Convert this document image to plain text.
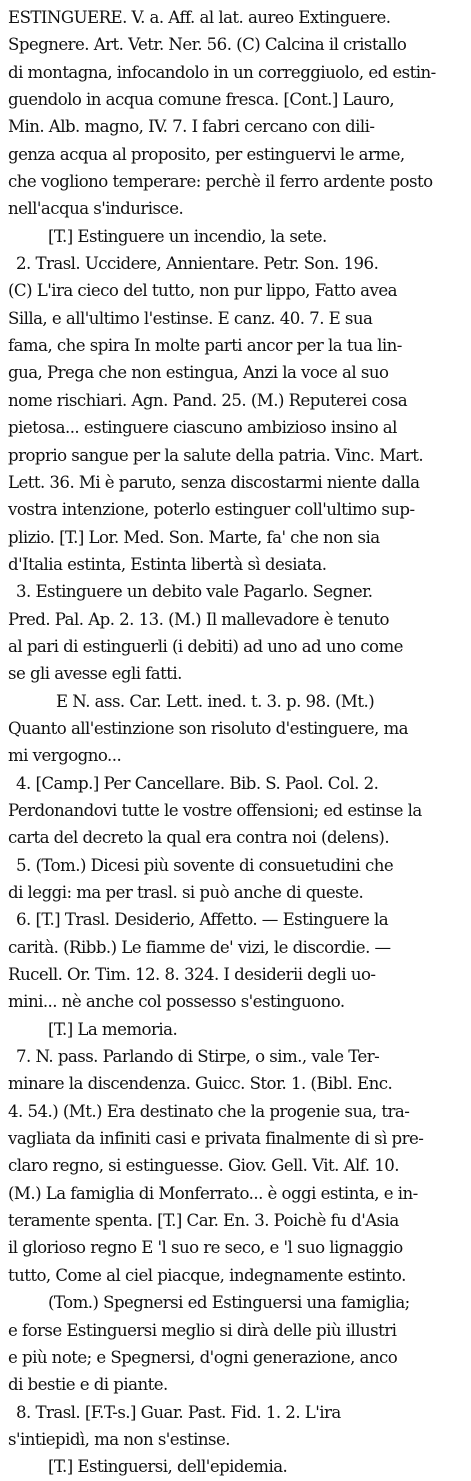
ESTINGUERE. V. a. Aff. al lat. aureo Extinguere.
Spegnere. Art. Vetr. Ner. 56. (C) Calcina il cristallo
di montagna, infocandolo in un correggiuolo, ed estin-
guendolo in acqua comune fresca. [Cont.] Lauro,
Min. Alb. magno, IV. 7. I fabri cercano con dili-
genza acqua al proposito, per estinguervi le arme,
che vogliono temperare: perchè il ferro ardente posto
nell'acqua s'indurisce.
[T.] Estinguere un incendio, la sete.
2. Trasl. Uccidere, Annientare. Petr. Son. 196.
(C) L'ira cieco del tutto, non pur lippo, Fatto avea
Silla, e all'ultimo l'estinse. E canz. 40. 7. E sua
fama, che spira In molte parti ancor per la tua lin-
gua, Prega che non estingua, Anzi la voce al suo
nome rischiari. Agn. Pand. 25. (M.) Reputerei cosa
pietosa... estinguere ciascuno ambizioso insino al
proprio sangue per la salute della patria. Vinc. Mart.
Lett. 36. Mi è paruto, senza discostarmi niente dalla
vostra intenzione, poterlo estinguer coll'ultimo sup-
plizio. [T.] Lor. Med. Son. Marte, fa' che non sia
d'Italia estinta, Estinta libertà sì desiata.
3. Estinguere un debito vale Pagarlo. Segner.
Pred. Pal. Ap. 2. 13. (M.) Il mallevadore è tenuto
al pari di estinguerli (i debiti) ad uno ad uno come
se gli avesse egli fatti.
E N. ass. Car. Lett. ined. t. 3. p. 98. (Mt.)
Quanto all'estinzione son risoluto d'estinguere, ma
mi vergogno...
4. [Camp.] Per Cancellare. Bib. S. Paol. Col. 2.
Perdonandovi tutte le vostre offensioni; ed estinse la
carta del decreto la qual era contra noi (delens).
5. (Tom.) Dicesi più sovente di consuetudini che
di leggi: ma per trasl. si può anche di queste.
6. [T.] Trasl. Desiderio, Affetto. — Estinguere la
carità. (Ribb.) Le fiamme de' vizi, le discordie. —
Rucell. Or. Tim. 12. 8. 324. I desiderii degli uo-
mini... nè anche col possesso s'estinguono.
[T.] La memoria.
7. N. pass. Parlando di Stirpe, o sim., vale Ter-
minare la discendenza. Guicc. Stor. 1. (Bibl. Enc.
4. 54.) (Mt.) Era destinato che la progenie sua, tra-
vagliata da infiniti casi e privata finalmente di sì pre-
claro regno, si estinguesse. Giov. Gell. Vit. Alf. 10.
(M.) La famiglia di Monferrato... è oggi estinta, e in-
teramente spenta. [T.] Car. En. 3. Poichè fu d'Asia
il glorioso regno E 'l suo re seco, e 'l suo lignaggio
tutto, Come al ciel piacque, indegnamente estinto.
(Tom.) Spegnersi ed Estinguersi una famiglia;
e forse Estinguersi meglio si dirà delle più illustri
e più note; e Spegnersi, d'ogni generazione, anco
di bestie e di piante.
8. Trasl. [F.T-s.] Guar. Past. Fid. 1. 2. L'ira
s'intiepidì, ma non s'estinse.
[T.] Estinguersi, dell'epidemia.
